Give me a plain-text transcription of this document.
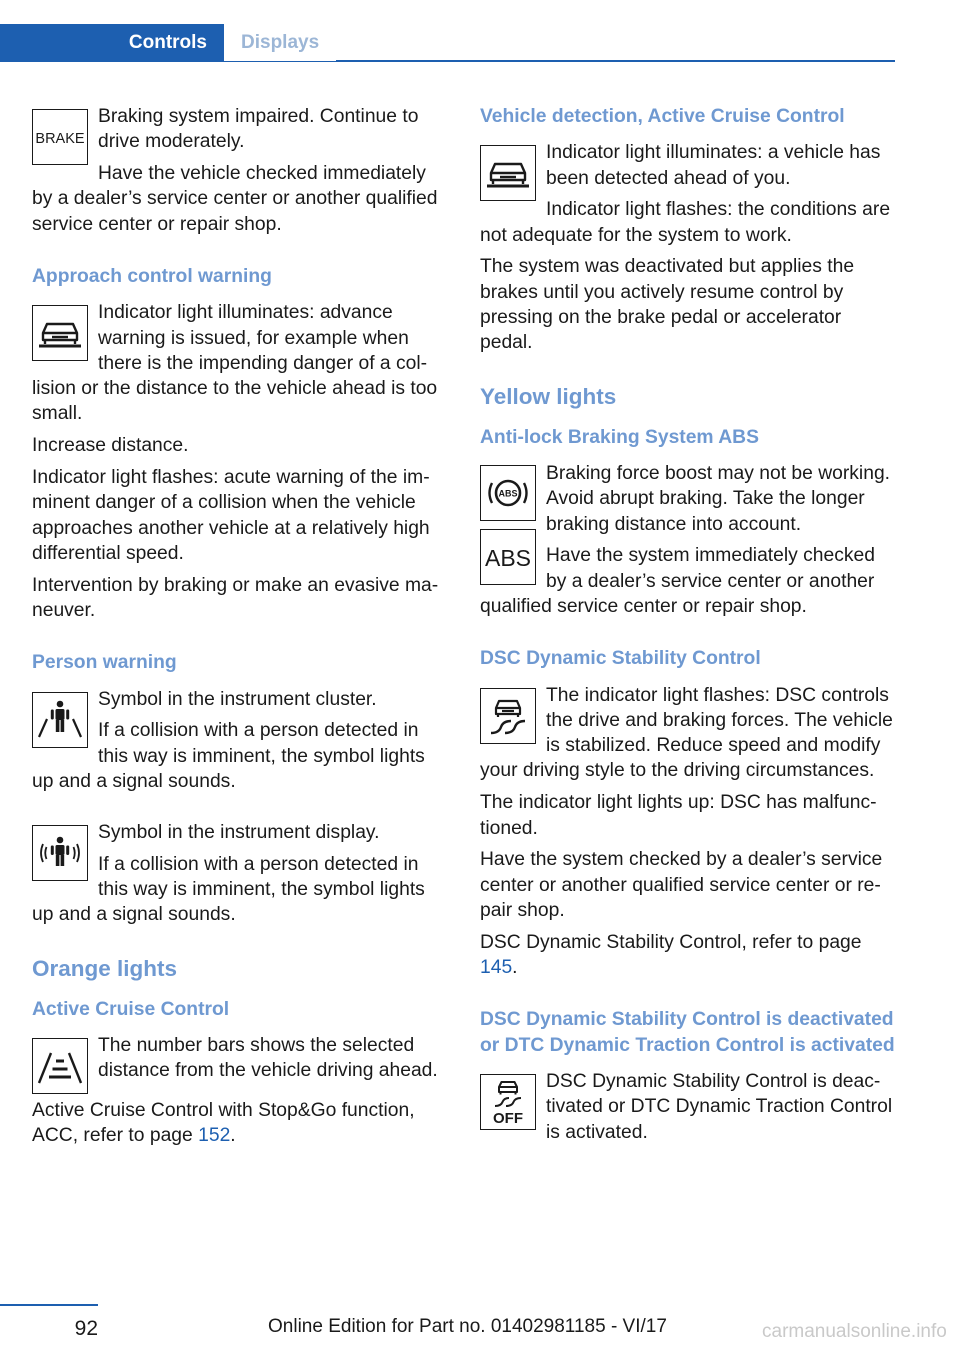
Controls	Displays
BRAKE

Braking system impaired. Continue to drive moderately.

Have the vehicle checked immediately by a dealer’s service center or another qualified service center or repair shop.

Approach control warning

Indicator light illuminates: advance warning is issued, for example when there is the impending danger of a collision or the distance to the vehicle ahead is too small.

Increase distance.

Indicator light flashes: acute warning of the imminent danger of a collision when the vehicle approaches another vehicle at a relatively high differential speed.

Intervention by braking or make an evasive maneuver.

Person warning

Symbol in the instrument cluster.

If a collision with a person detected in this way is imminent, the symbol lights up and a signal sounds.

Symbol in the instrument display.

If a collision with a person detected in this way is imminent, the symbol lights up and a signal sounds.

Orange lights
Active Cruise Control

The number bars shows the selected distance from the vehicle driving ahead.

Active Cruise Control with Stop&Go function, ACC, refer to page 152.

Vehicle detection, Active Cruise Control

Indicator light illuminates: a vehicle has been detected ahead of you.

Indicator light flashes: the conditions are not adequate for the system to work.

The system was deactivated but applies the brakes until you actively resume control by pressing on the brake pedal or accelerator pedal.

Yellow lights
Anti-lock Braking System ABS
ABS
ABS

Braking force boost may not be working. Avoid abrupt braking. Take the longer braking distance into account.

Have the system immediately checked by a dealer’s service center or another qualified service center or repair shop.

DSC Dynamic Stability Control

The indicator light flashes: DSC controls the drive and braking forces. The vehicle is stabilized. Reduce speed and modify your driving style to the driving circumstances.

The indicator light lights up: DSC has malfunctioned.

Have the system checked by a dealer’s service center or another qualified service center or repair shop.

DSC Dynamic Stability Control, refer to page 145.

DSC Dynamic Stability Control is deactivated or DTC Dynamic Traction Control is activated
OFF

DSC Dynamic Stability Control is deactivated or DTC Dynamic Traction Control is activated.

92	Online Edition for Part no. 01402981185 - VI/17	carmanualsonline.info
